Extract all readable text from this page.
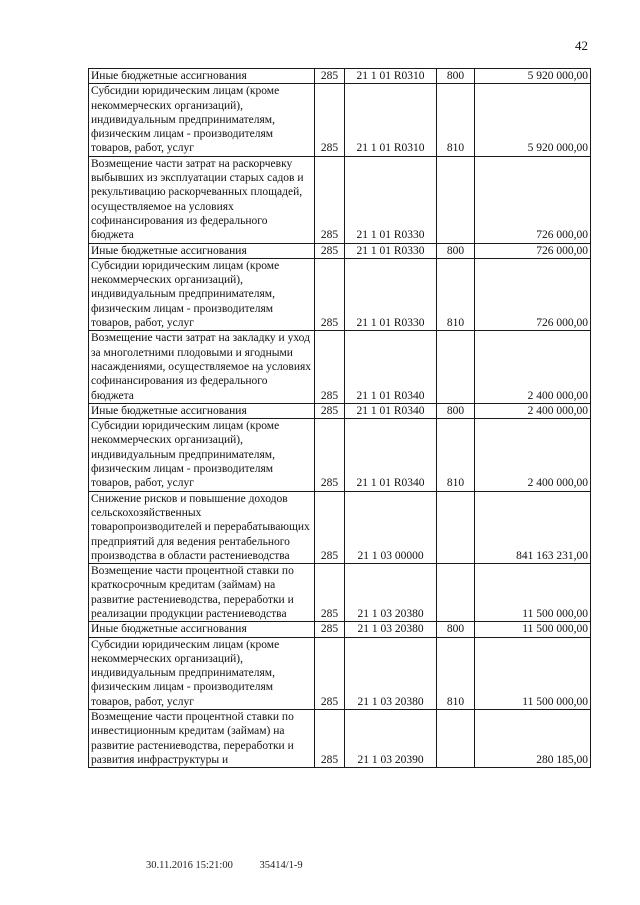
42
Иные бюджетные ассигнования	285	21 1 01 R0310	800	5 920 000,00
Субсидии юридическим лицам (кроме некоммерческих организаций), индивидуальным предпринимателям, физическим лицам - производителям товаров, работ, услуг	285	21 1 01 R0310	810	5 920 000,00
Возмещение части затрат на раскорчевку выбывших из эксплуатации старых садов и рекультивацию раскорчеванных площадей, осуществляемое на условиях софинансирования из федерального бюджета	285	21 1 01 R0330		726 000,00
Иные бюджетные ассигнования	285	21 1 01 R0330	800	726 000,00
Субсидии юридическим лицам (кроме некоммерческих организаций), индивидуальным предпринимателям, физическим лицам - производителям товаров, работ, услуг	285	21 1 01 R0330	810	726 000,00
Возмещение части затрат на закладку и уход за многолетними плодовыми и ягодными насаждениями, осуществляемое на условиях софинансирования из федерального бюджета	285	21 1 01 R0340		2 400 000,00
Иные бюджетные ассигнования	285	21 1 01 R0340	800	2 400 000,00
Субсидии юридическим лицам (кроме некоммерческих организаций), индивидуальным предпринимателям, физическим лицам - производителям товаров, работ, услуг	285	21 1 01 R0340	810	2 400 000,00
Снижение рисков и повышение доходов сельскохозяйственных товаропроизводителей и перерабатывающих предприятий для ведения рентабельного производства в области растениеводства	285	21 1 03 00000		841 163 231,00
Возмещение части процентной ставки по краткосрочным кредитам (займам) на развитие растениеводства, переработки и реализации продукции растениеводства	285	21 1 03 20380		11 500 000,00
Иные бюджетные ассигнования	285	21 1 03 20380	800	11 500 000,00
Субсидии юридическим лицам (кроме некоммерческих организаций), индивидуальным предпринимателям, физическим лицам - производителям товаров, работ, услуг	285	21 1 03 20380	810	11 500 000,00
Возмещение части процентной ставки по инвестиционным кредитам (займам) на развитие растениеводства, переработки и развития инфраструктуры и	285	21 1 03 20390		280 185,00
30.11.2016 15:21:00	35414/1-9
